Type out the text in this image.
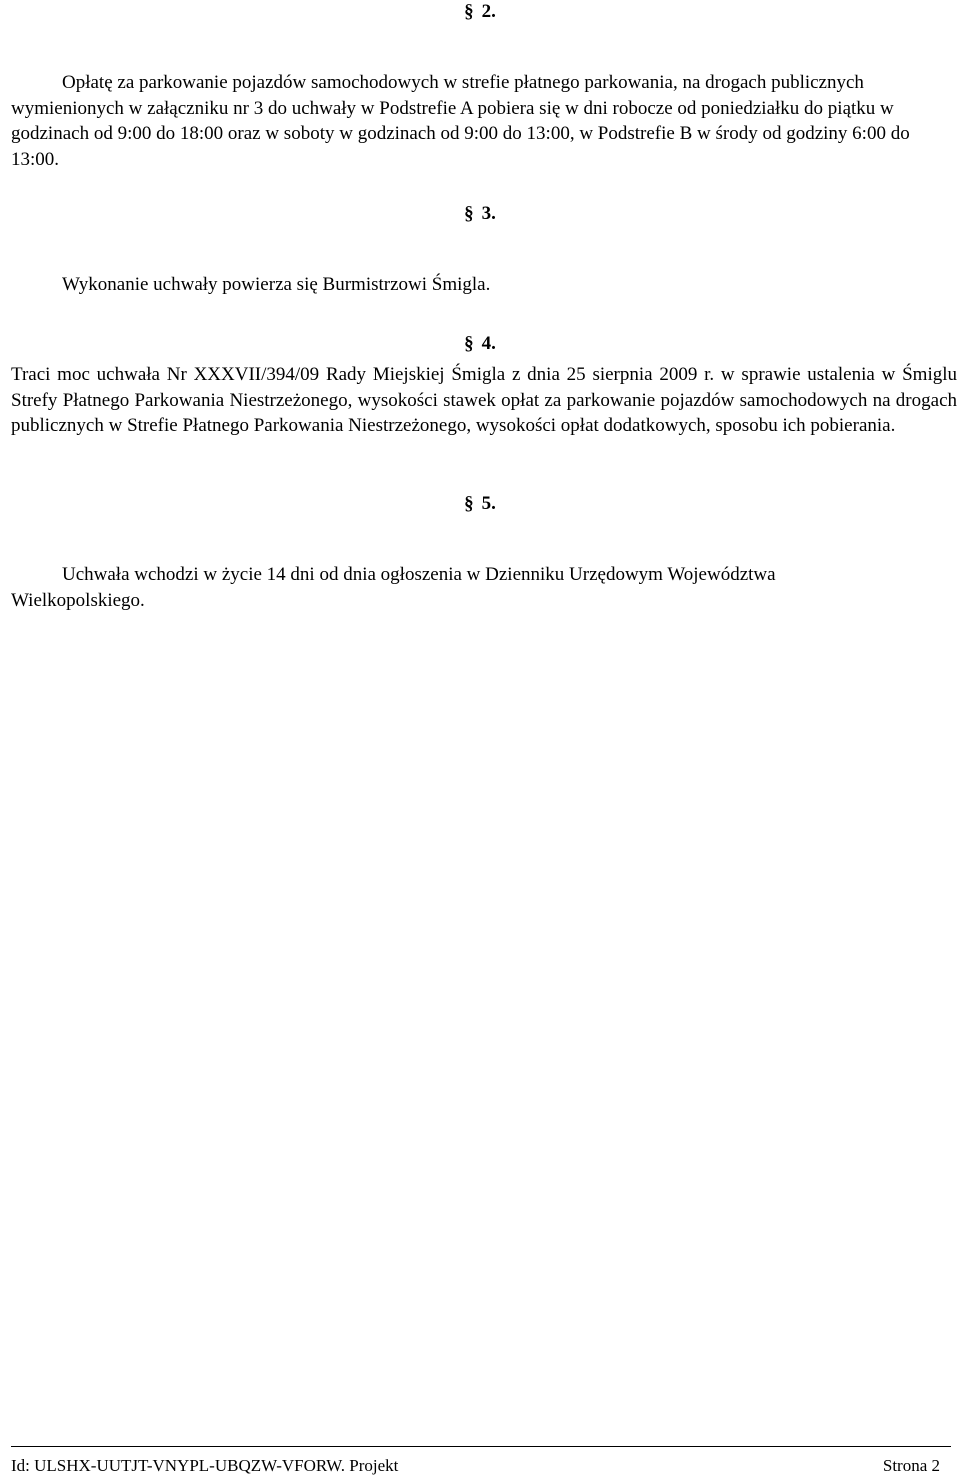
§ 2.

Opłatę za parkowanie pojazdów samochodowych w strefie płatnego parkowania, na drogach publicznych wymienionych w załączniku nr 3 do uchwały w Podstrefie A pobiera się w dni robocze od poniedziałku do piątku w godzinach od 9:00 do 18:00 oraz w soboty w godzinach od 9:00 do 13:00, w Podstrefie B w środy od godziny 6:00 do 13:00.

§ 3.

Wykonanie uchwały powierza się Burmistrzowi Śmigla.

§ 4.

Traci moc uchwała Nr XXXVII/394/09 Rady Miejskiej Śmigla z dnia 25 sierpnia 2009 r. w sprawie ustalenia w Śmiglu Strefy Płatnego Parkowania Niestrzeżonego, wysokości stawek opłat za parkowanie pojazdów samochodowych na drogach publicznych w Strefie Płatnego Parkowania Niestrzeżonego, wysokości opłat dodatkowych, sposobu ich pobierania.

§ 5.

Uchwała wchodzi w życie 14 dni od dnia ogłoszenia w Dzienniku Urzędowym Województwa Wielkopolskiego.

Id: ULSHX-UUTJT-VNYPL-UBQZW-VFORW. Projekt	Strona 2
